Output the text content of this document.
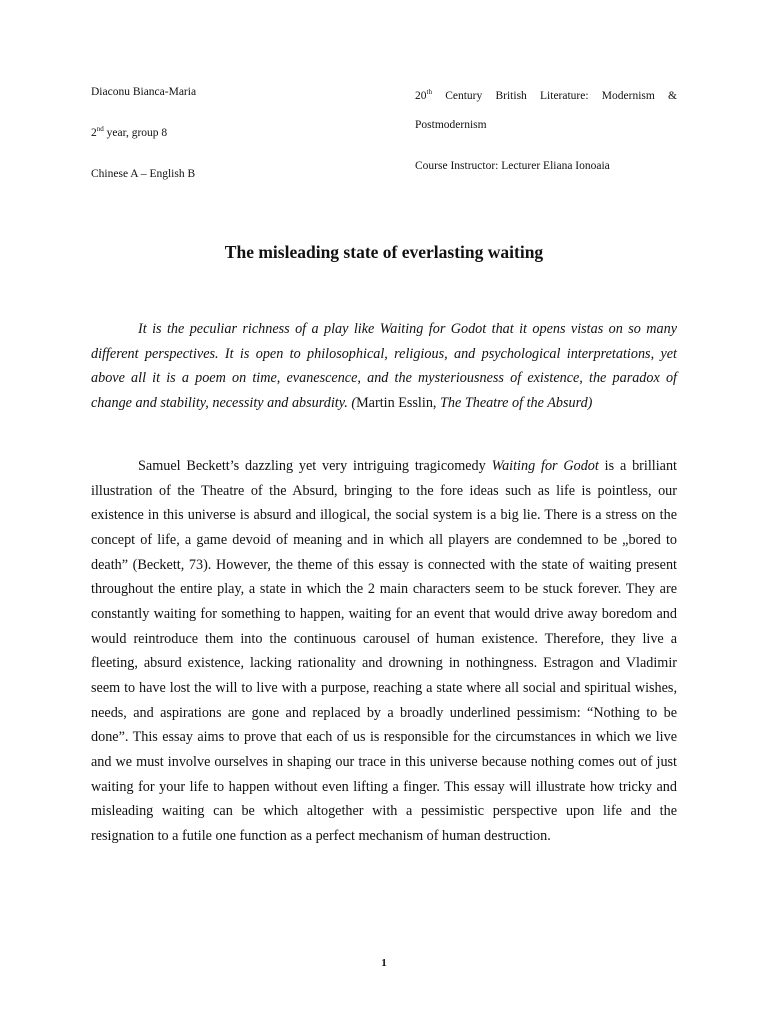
Diaconu Bianca-Maria
2nd year, group 8
Chinese A – English B
20th Century British Literature: Modernism &
Postmodernism
Course Instructor: Lecturer Eliana Ionoaia
The misleading state of everlasting waiting

It is the peculiar richness of a play like Waiting for Godot that it opens vistas on so many different perspectives. It is open to philosophical, religious, and psychological interpretations, yet above all it is a poem on time, evanescence, and the mysteriousness of existence, the paradox of change and stability, necessity and absurdity. (Martin Esslin, The Theatre of the Absurd)

Samuel Beckett’s dazzling yet very intriguing tragicomedy Waiting for Godot is a brilliant illustration of the Theatre of the Absurd, bringing to the fore ideas such as life is pointless, our existence in this universe is absurd and illogical, the social system is a big lie. There is a stress on the concept of life, a game devoid of meaning and in which all players are condemned to be „bored to death” (Beckett, 73). However, the theme of this essay is connected with the state of waiting present throughout the entire play, a state in which the 2 main characters seem to be stuck forever. They are constantly waiting for something to happen, waiting for an event that would drive away boredom and would reintroduce them into the continuous carousel of human existence. Therefore, they live a fleeting, absurd existence, lacking rationality and drowning in nothingness. Estragon and Vladimir seem to have lost the will to live with a purpose, reaching a state where all social and spiritual wishes, needs, and aspirations are gone and replaced by a broadly underlined pessimism: “Nothing to be done”. This essay aims to prove that each of us is responsible for the circumstances in which we live and we must involve ourselves in shaping our trace in this universe because nothing comes out of just waiting for your life to happen without even lifting a finger. This essay will illustrate how tricky and misleading waiting can be which altogether with a pessimistic perspective upon life and the resignation to a futile one function as a perfect mechanism of human destruction.

1
